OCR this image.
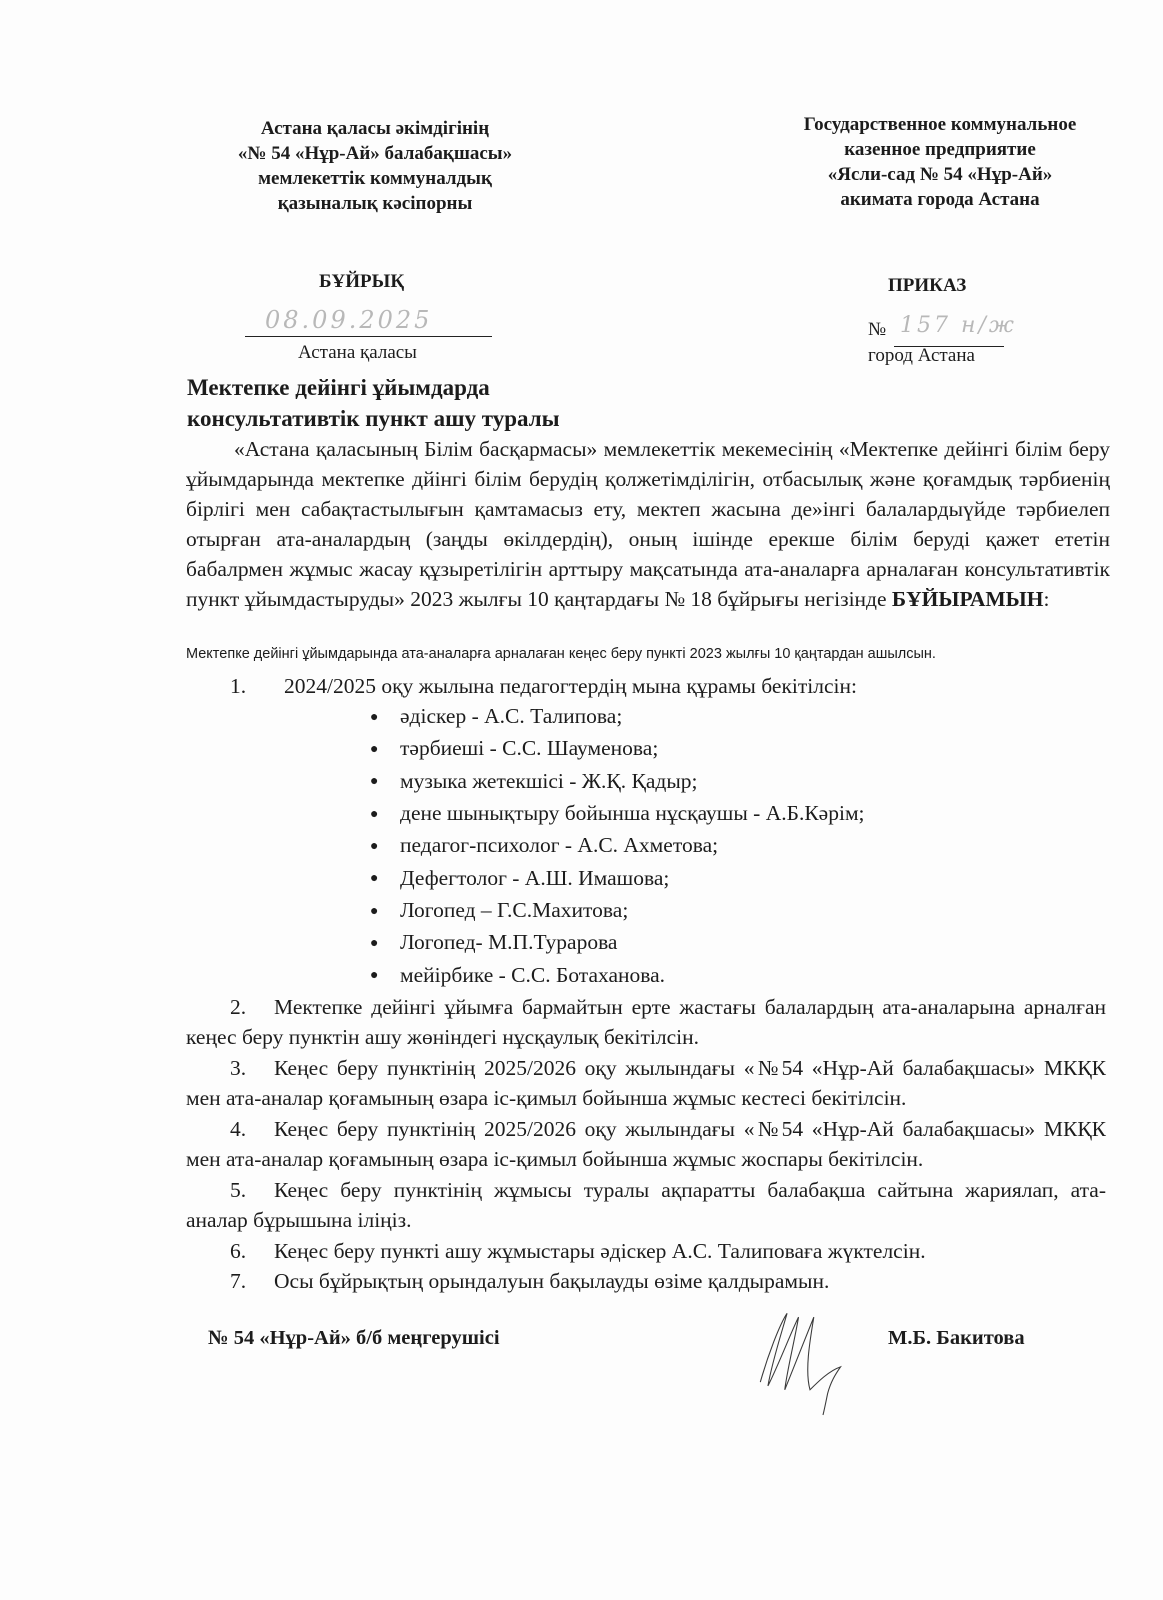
Астана қаласы әкімдігінің
«№ 54 «Нұр-Ай» балабақшасы»
мемлекеттік коммуналдық
қазыналық кәсіпорны
Государственное коммунальное
казенное предприятие
«Ясли-сад № 54 «Нұр-Ай»
акимата города Астана
БҰЙРЫҚ	ПРИКАЗ
08.09.2025
Астана қаласы
№ 157 н/ж
город Астана
Мектепке дейінгі ұйымдарда консультативтік пункт ашу туралы
«Астана қаласының Білім басқармасы» мемлекеттік мекемесінің «Мектепке дейінгі білім беру ұйымдарында мектепке дйінгі білім берудің қолжетімділігін, отбасылық және қоғамдық тәрбиенің бірлігі мен сабақтастылығын қамтамасыз ету, мектеп жасына де»інгі балалардыүйде тәрбиелеп отырған ата-аналардың (заңды өкілдердің), оның ішінде ерекше білім беруді қажет ететін бабалрмен жұмыс жасау құзыретілігін арттыру мақсатында ата-аналарға арналаған консультативтік пункт ұйымдастыруды» 2023 жылғы 10 қаңтардағы № 18 бұйрығы негізінде БҰЙЫРАМЫН:
Мектепке дейінгі ұйымдарында ата-аналарға арналаған кеңес беру пункті 2023 жылғы 10 қаңтардан ашылсын.
1. 2024/2025 оқу жылына педагогтердің мына құрамы бекітілсін:
● әдіскер - А.С. Талипова;
● тәрбиеші - С.С. Шауменова;
● музыка жетекшісі - Ж.Қ. Қадыр;
● дене шынықтыру бойынша нұсқаушы - А.Б.Кәрім;
● педагог-психолог - А.С. Ахметова;
● Дефегтолог - А.Ш. Имашова;
● Логопед – Г.С.Махитова;
● Логопед- М.П.Турарова
● мейірбике - С.С. Ботаханова.
2. Мектепке дейінгі ұйымға бармайтын ерте жастағы балалардың ата-аналарына арналған кеңес беру пунктін ашу жөніндегі нұсқаулық бекітілсін.
3. Кеңес беру пунктінің 2025/2026 оқу жылындағы «№54 «Нұр-Ай балабақшасы» МКҚК мен ата-аналар қоғамының өзара іс-қимыл бойынша жұмыс кестесі бекітілсін.
4. Кеңес беру пунктінің 2025/2026 оқу жылындағы «№54 «Нұр-Ай балабақшасы» МКҚК мен ата-аналар қоғамының өзара іс-қимыл бойынша жұмыс жоспары бекітілсін.
5. Кеңес беру пунктінің жұмысы туралы ақпаратты балабақша сайтына жариялап, ата-аналар бұрышына іліңіз.
6. Кеңес беру пункті ашу жұмыстары әдіскер А.С. Талиповаға жүктелсін.
7. Осы бұйрықтың орындалуын бақылауды өзіме қалдырамын.
№ 54 «Нұр-Ай» б/б меңгерушісі	М.Б. Бакитова
